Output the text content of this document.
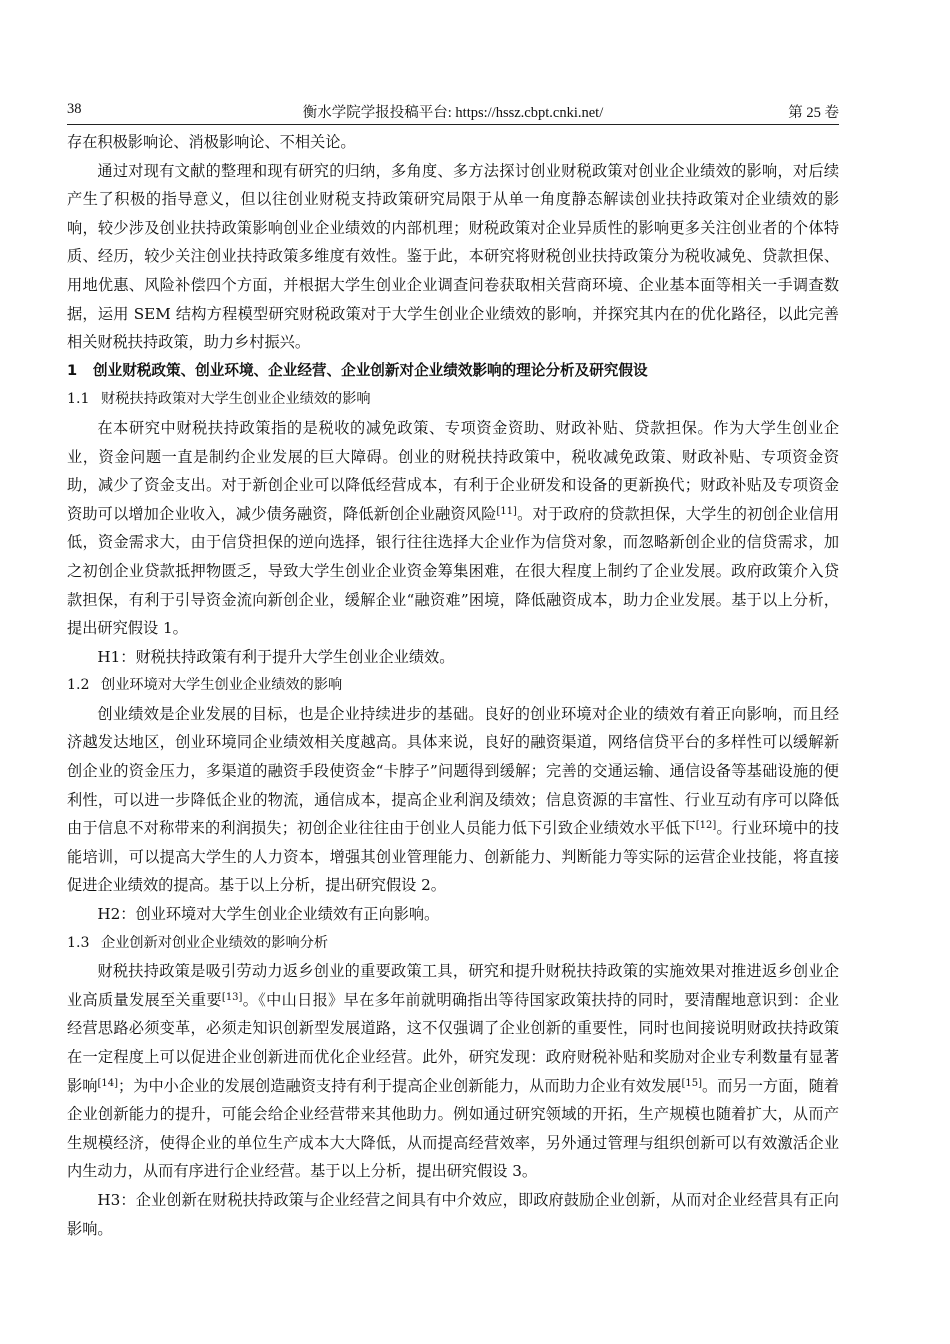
38	衡水学院学报投稿平台: https://hssz.cbpt.cnki.net/	第 25 卷

存在积极影响论、消极影响论、不相关论。

通过对现有文献的整理和现有研究的归纳，多角度、多方法探讨创业财税政策对创业企业绩效的影响，对后续产生了积极的指导意义，但以往创业财税支持政策研究局限于从单一角度静态解读创业扶持政策对企业绩效的影响，较少涉及创业扶持政策影响创业企业绩效的内部机理；财税政策对企业异质性的影响更多关注创业者的个体特质、经历，较少关注创业扶持政策多维度有效性。鉴于此，本研究将财税创业扶持政策分为税收减免、贷款担保、用地优惠、风险补偿四个方面，并根据大学生创业企业调查问卷获取相关营商环境、企业基本面等相关一手调查数据，运用 SEM 结构方程模型研究财税政策对于大学生创业企业绩效的影响，并探究其内在的优化路径，以此完善相关财税扶持政策，助力乡村振兴。

1 创业财税政策、创业环境、企业经营、企业创新对企业绩效影响的理论分析及研究假设

1.1 财税扶持政策对大学生创业企业绩效的影响

在本研究中财税扶持政策指的是税收的减免政策、专项资金资助、财政补贴、贷款担保。作为大学生创业企业，资金问题一直是制约企业发展的巨大障碍。创业的财税扶持政策中，税收减免政策、财政补贴、专项资金资助，减少了资金支出。对于新创企业可以降低经营成本，有利于企业研发和设备的更新换代；财政补贴及专项资金资助可以增加企业收入，减少债务融资，降低新创企业融资风险[11]。对于政府的贷款担保，大学生的初创企业信用低，资金需求大，由于信贷担保的逆向选择，银行往往选择大企业作为信贷对象，而忽略新创企业的信贷需求，加之初创企业贷款抵押物匮乏，导致大学生创业企业资金筹集困难，在很大程度上制约了企业发展。政府政策介入贷款担保，有利于引导资金流向新创企业，缓解企业“融资难”困境，降低融资成本，助力企业发展。基于以上分析，提出研究假设 1。

H1：财税扶持政策有利于提升大学生创业企业绩效。

1.2 创业环境对大学生创业企业绩效的影响

创业绩效是企业发展的目标，也是企业持续进步的基础。良好的创业环境对企业的绩效有着正向影响，而且经济越发达地区，创业环境同企业绩效相关度越高。具体来说，良好的融资渠道，网络信贷平台的多样性可以缓解新创企业的资金压力，多渠道的融资手段使资金“卡脖子”问题得到缓解；完善的交通运输、通信设备等基础设施的便利性，可以进一步降低企业的物流，通信成本，提高企业利润及绩效；信息资源的丰富性、行业互动有序可以降低由于信息不对称带来的利润损失；初创企业往往由于创业人员能力低下引致企业绩效水平低下[12]。行业环境中的技能培训，可以提高大学生的人力资本，增强其创业管理能力、创新能力、判断能力等实际的运营企业技能，将直接促进企业绩效的提高。基于以上分析，提出研究假设 2。

H2：创业环境对大学生创业企业绩效有正向影响。

1.3 企业创新对创业企业绩效的影响分析

财税扶持政策是吸引劳动力返乡创业的重要政策工具，研究和提升财税扶持政策的实施效果对推进返乡创业企业高质量发展至关重要[13]。《中山日报》早在多年前就明确指出等待国家政策扶持的同时，要清醒地意识到：企业经营思路必须变革，必须走知识创新型发展道路，这不仅强调了企业创新的重要性，同时也间接说明财政扶持政策在一定程度上可以促进企业创新进而优化企业经营。此外，研究发现：政府财税补贴和奖励对企业专利数量有显著影响[14]；为中小企业的发展创造融资支持有利于提高企业创新能力，从而助力企业有效发展[15]。而另一方面，随着企业创新能力的提升，可能会给企业经营带来其他助力。例如通过研究领域的开拓，生产规模也随着扩大，从而产生规模经济，使得企业的单位生产成本大大降低，从而提高经营效率，另外通过管理与组织创新可以有效激活企业内生动力，从而有序进行企业经营。基于以上分析，提出研究假设 3。

H3：企业创新在财税扶持政策与企业经营之间具有中介效应，即政府鼓励企业创新，从而对企业经营具有正向影响。
